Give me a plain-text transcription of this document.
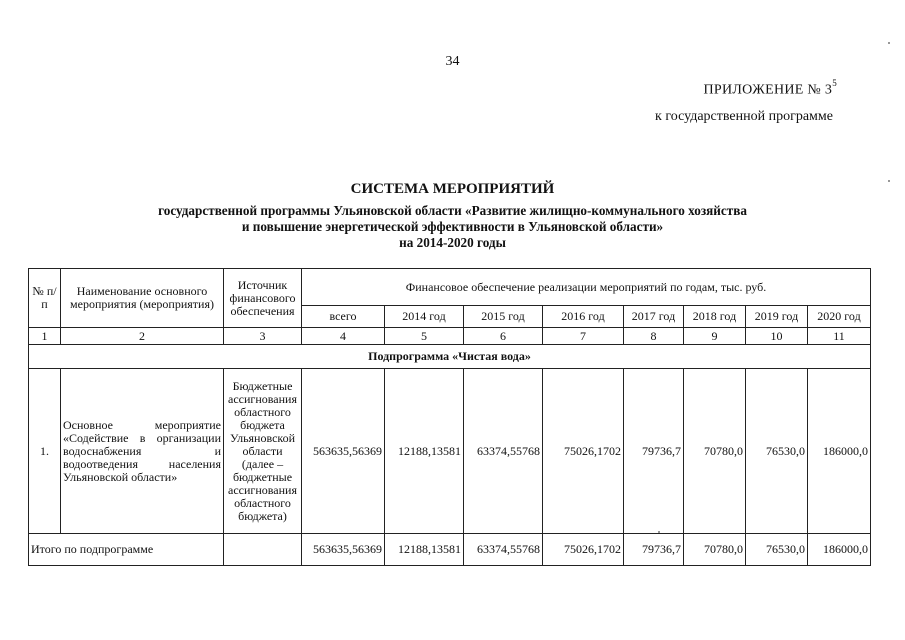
34
ПРИЛОЖЕНИЕ № $3^5$
к государственной программе
СИСТЕМА МЕРОПРИЯТИЙ
государственной программы Ульяновской области «Развитие жилищно-коммунального хозяйства
и повышение энергетической эффективности в Ульяновской области»
на 2014-2020 годы
№ п/п	Наименование основного мероприятия (мероприятия)	Источник финансового обеспечения	Финансовое обеспечение реализации мероприятий по годам, тыс. руб.							
			всего	2014 год	2015 год	2016 год	2017 год	2018 год	2019 год	2020 год
1	2	3	4	5	6	7	8	9	10	11
Подпрограмма «Чистая вода»										
1.	Основное мероприятие «Содействие в организации водоснабжения и водоотведения населения Ульяновской области»	Бюджетные ассигнования областного бюджета Ульяновской области (далее – бюджетные ассигнования областного бюджета)	563635,56369	12188,13581	63374,55768	75026,1702	79736,7	70780,0	76530,0	186000,0
Итого по подпрограмме			563635,56369	12188,13581	63374,55768	75026,1702	79736,7	70780,0	76530,0	186000,0
